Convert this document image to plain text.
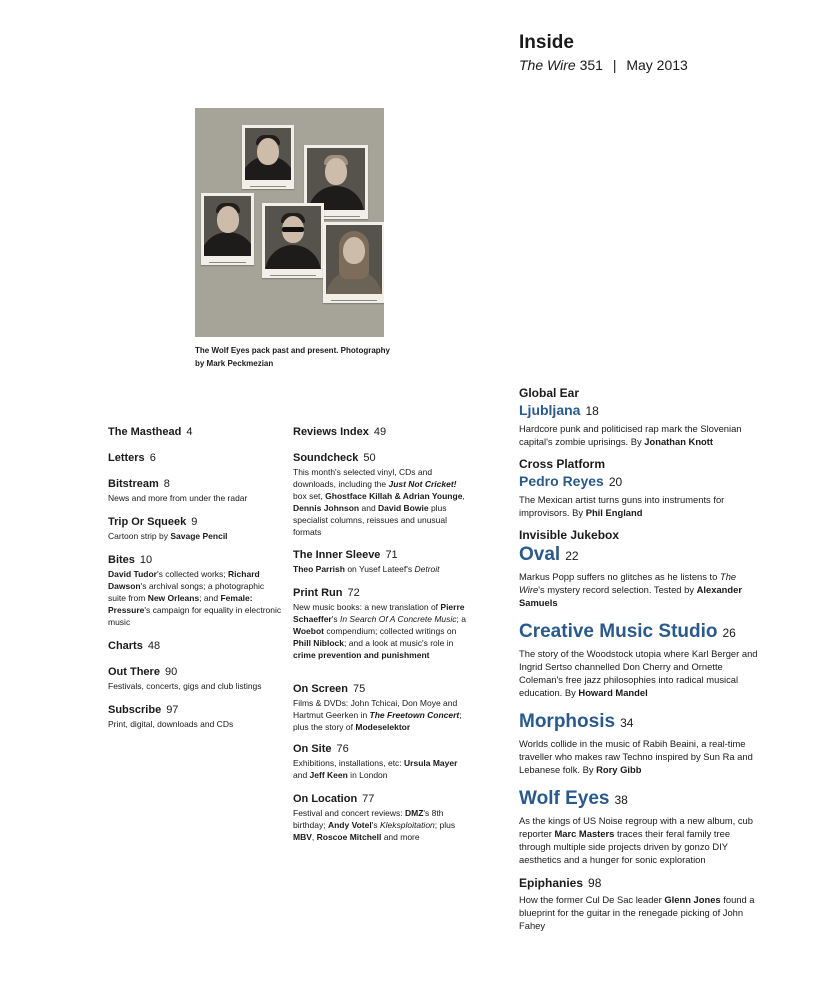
Inside
The Wire 351 | May 2013
The Wolf Eyes pack past and present. Photography by Mark Peckmezian
The Masthead 4
Letters 6
Bitstream 8
News and more from under the radar
Trip Or Squeek 9
Cartoon strip by Savage Pencil
Bites 10
David Tudor's collected works; Richard Dawson's archival songs; a photographic suite from New Orleans; and Female: Pressure's campaign for equality in electronic music
Charts 48
Out There 90
Festivals, concerts, gigs and club listings
Subscribe 97
Print, digital, downloads and CDs
Reviews Index 49
Soundcheck 50
This month's selected vinyl, CDs and downloads, including the Just Not Cricket! box set, Ghostface Killah & Adrian Younge, Dennis Johnson and David Bowie plus specialist columns, reissues and unusual formats
The Inner Sleeve 71
Theo Parrish on Yusef Lateef's Detroit
Print Run 72
New music books: a new translation of Pierre Schaeffer's In Search Of A Concrete Music; a Woebot compendium; collected writings on Phill Niblock; and a look at music's role in crime prevention and punishment
On Screen 75
Films & DVDs: John Tchicai, Don Moye and Hartmut Geerken in The Freetown Concert; plus the story of Modeselektor
On Site 76
Exhibitions, installations, etc: Ursula Mayer and Jeff Keen in London
On Location 77
Festival and concert reviews: DMZ's 8th birthday; Andy Votel's Kleksploitation; plus MBV, Roscoe Mitchell and more
Global Ear
Ljubljana 18
Hardcore punk and politicised rap mark the Slovenian capital's zombie uprisings. By Jonathan Knott
Cross Platform
Pedro Reyes 20
The Mexican artist turns guns into instruments for improvisors. By Phil England
Invisible Jukebox
Oval 22
Markus Popp suffers no glitches as he listens to The Wire's mystery record selection. Tested by Alexander Samuels
Creative Music Studio 26
The story of the Woodstock utopia where Karl Berger and Ingrid Sertso channelled Don Cherry and Ornette Coleman's free jazz philosophies into radical musical education. By Howard Mandel
Morphosis 34
Worlds collide in the music of Rabih Beaini, a real-time traveller who makes raw Techno inspired by Sun Ra and Lebanese folk. By Rory Gibb
Wolf Eyes 38
As the kings of US Noise regroup with a new album, cub reporter Marc Masters traces their feral family tree through multiple side projects driven by gonzo DIY aesthetics and a hunger for sonic exploration
Epiphanies 98
How the former Cul De Sac leader Glenn Jones found a blueprint for the guitar in the renegade picking of John Fahey
